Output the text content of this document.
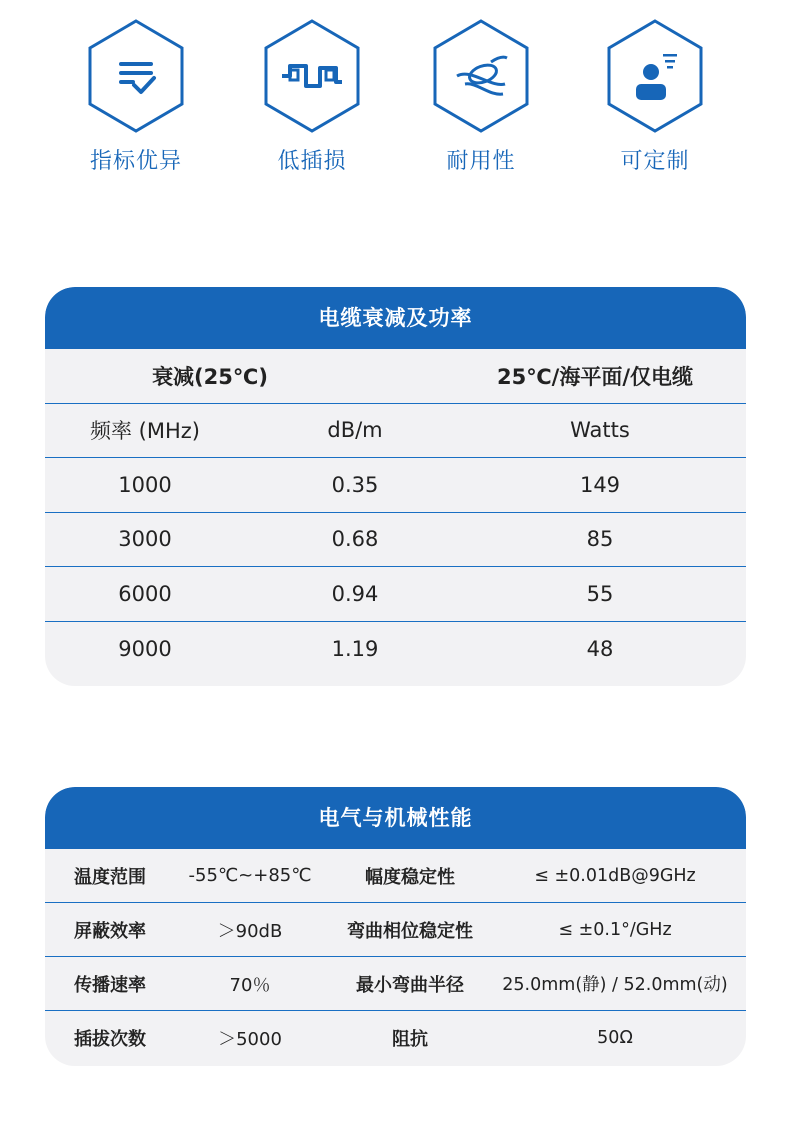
指标优异	低插损	耐用性	可定制
电缆衰减及功率
衰减(25℃)	25℃/海平面/仅电缆
频率 (MHz)	dB/m	Watts
1000	0.35	149
3000	0.68	85
6000	0.94	55
9000	1.19	48
电气与机械性能
温度范围	-55℃~+85℃	幅度稳定性	≤ ±0.01dB@9GHz
屏蔽效率	＞90dB	弯曲相位稳定性	≤ ±0.1°/GHz
传播速率	70％	最小弯曲半径	25.0mm(静) / 52.0mm(动)
插拔次数	＞5000	阻抗	50Ω
